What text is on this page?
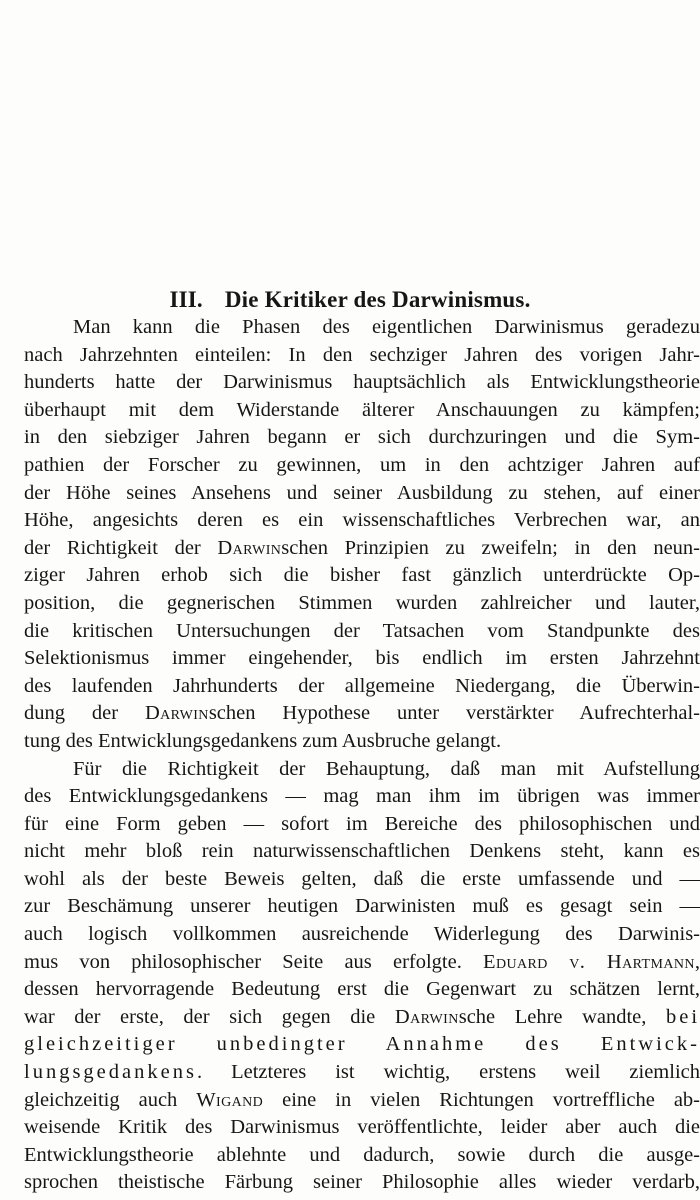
III. Die Kritiker des Darwinismus.
Man kann die Phasen des eigentlichen Darwinismus geradezu
nach Jahrzehnten einteilen: In den sechziger Jahren des vorigen Jahr-
hunderts hatte der Darwinismus hauptsächlich als Entwicklungstheorie
überhaupt mit dem Widerstande älterer Anschauungen zu kämpfen;
in den siebziger Jahren begann er sich durchzuringen und die Sym-
pathien der Forscher zu gewinnen, um in den achtziger Jahren auf
der Höhe seines Ansehens und seiner Ausbildung zu stehen, auf einer
Höhe, angesichts deren es ein wissenschaftliches Verbrechen war, an
der Richtigkeit der Darwinschen Prinzipien zu zweifeln; in den neun-
ziger Jahren erhob sich die bisher fast gänzlich unterdrückte Op-
position, die gegnerischen Stimmen wurden zahlreicher und lauter,
die kritischen Untersuchungen der Tatsachen vom Standpunkte des
Selektionismus immer eingehender, bis endlich im ersten Jahrzehnt
des laufenden Jahrhunderts der allgemeine Niedergang, die Überwin-
dung der Darwinschen Hypothese unter verstärkter Aufrechterhal-
tung des Entwicklungsgedankens zum Ausbruche gelangt.
Für die Richtigkeit der Behauptung, daß man mit Aufstellung
des Entwicklungsgedankens — mag man ihm im übrigen was immer
für eine Form geben — sofort im Bereiche des philosophischen und
nicht mehr bloß rein naturwissenschaftlichen Denkens steht, kann es
wohl als der beste Beweis gelten, daß die erste umfassende und —
zur Beschämung unserer heutigen Darwinisten muß es gesagt sein —
auch logisch vollkommen ausreichende Widerlegung des Darwinis-
mus von philosophischer Seite aus erfolgte. Eduard v. Hartmann,
dessen hervorragende Bedeutung erst die Gegenwart zu schätzen lernt,
war der erste, der sich gegen die Darwinsche Lehre wandte, bei
gleichzeitiger unbedingter Annahme des Entwick-
lungsgedankens. Letzteres ist wichtig, erstens weil ziemlich
gleichzeitig auch Wigand eine in vielen Richtungen vortreffliche ab-
weisende Kritik des Darwinismus veröffentlichte, leider aber auch die
Entwicklungstheorie ablehnte und dadurch, sowie durch die ausge-
sprochen theistische Färbung seiner Philosophie alles wieder verdarb,
